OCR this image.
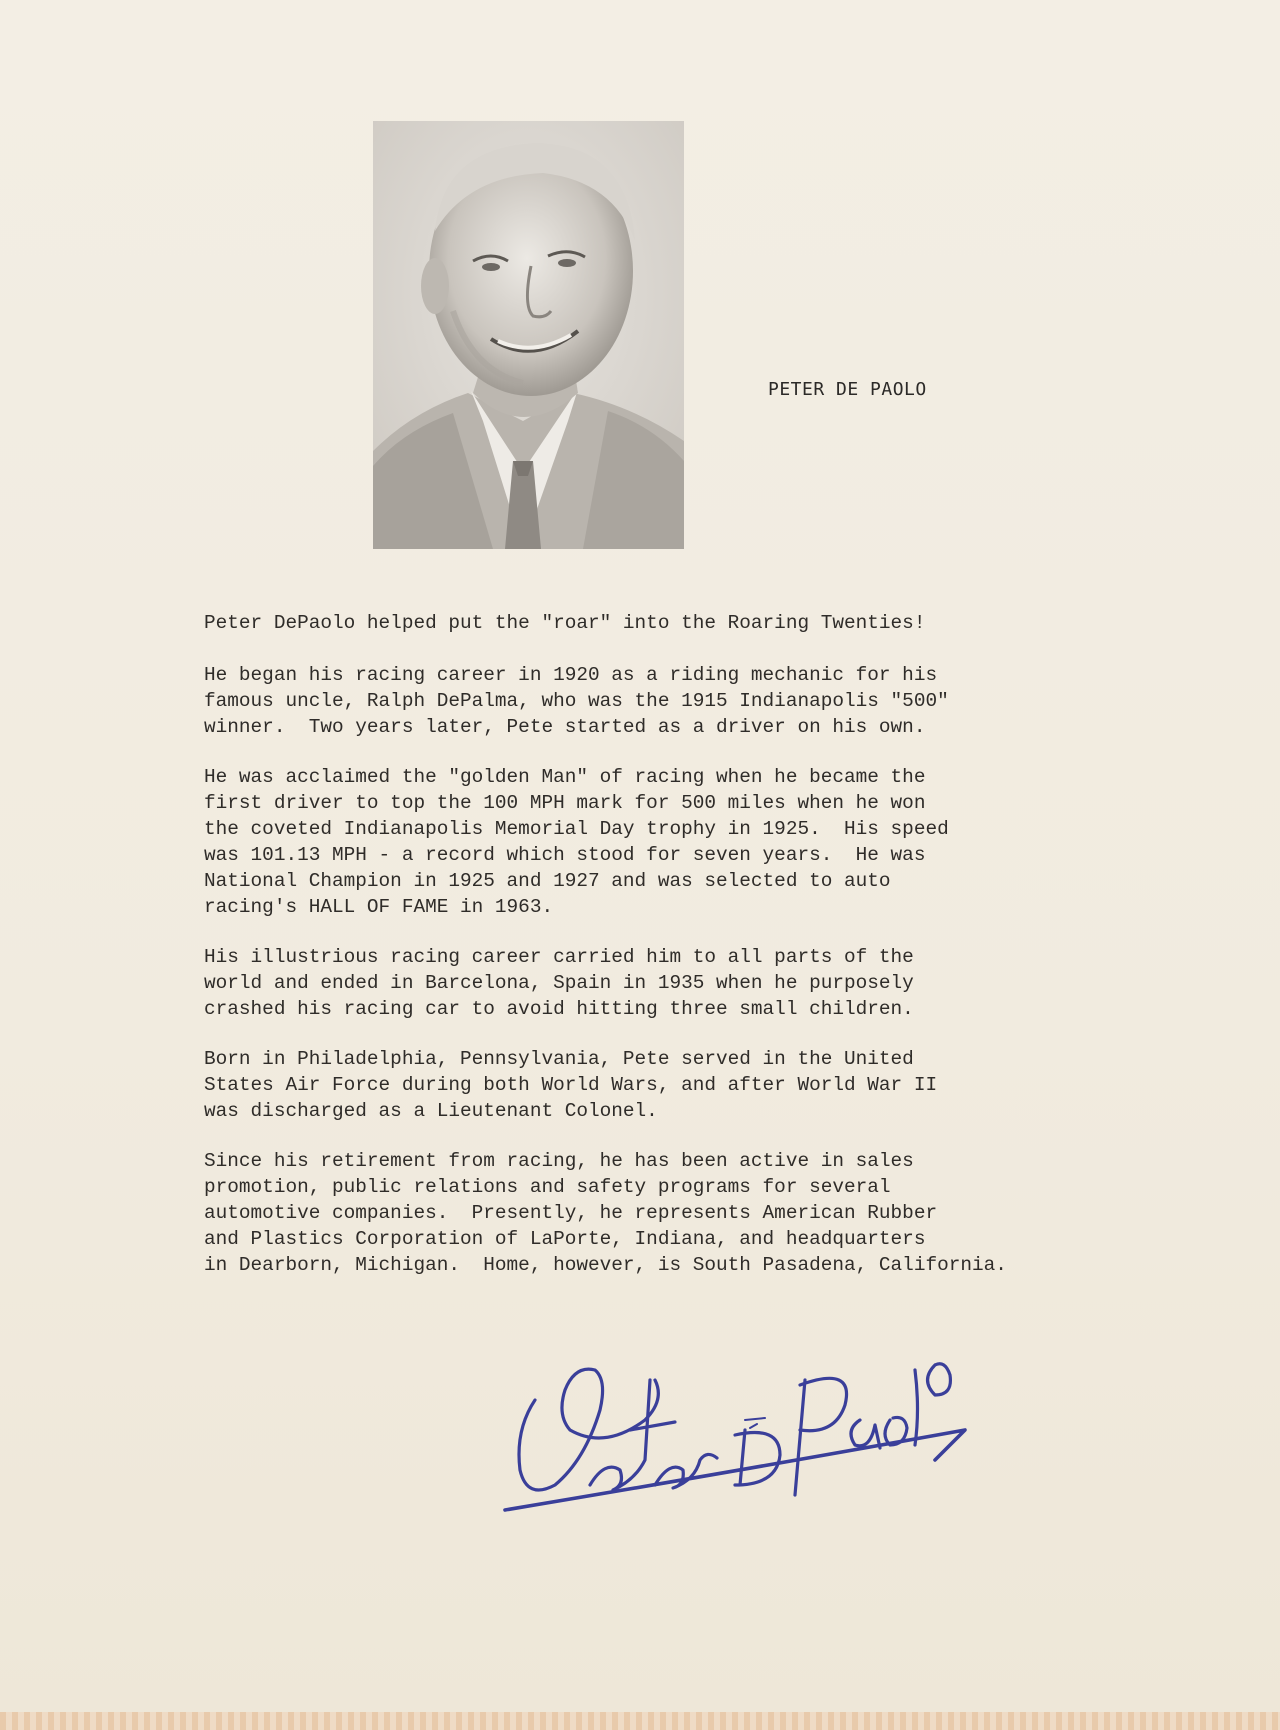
PETER DE PAOLO

Peter DePaolo helped put the "roar" into the Roaring Twenties!

He began his racing career in 1920 as a riding mechanic for his
famous uncle, Ralph DePalma, who was the 1915 Indianapolis "500"
winner.  Two years later, Pete started as a driver on his own.

He was acclaimed the "golden Man" of racing when he became the
first driver to top the 100 MPH mark for 500 miles when he won
the coveted Indianapolis Memorial Day trophy in 1925.  His speed
was 101.13 MPH - a record which stood for seven years.  He was
National Champion in 1925 and 1927 and was selected to auto
racing's HALL OF FAME in 1963.

His illustrious racing career carried him to all parts of the
world and ended in Barcelona, Spain in 1935 when he purposely
crashed his racing car to avoid hitting three small children.

Born in Philadelphia, Pennsylvania, Pete served in the United
States Air Force during both World Wars, and after World War II
was discharged as a Lieutenant Colonel.

Since his retirement from racing, he has been active in sales
promotion, public relations and safety programs for several
automotive companies.  Presently, he represents American Rubber
and Plastics Corporation of LaPorte, Indiana, and headquarters
in Dearborn, Michigan.  Home, however, is South Pasadena, California.
